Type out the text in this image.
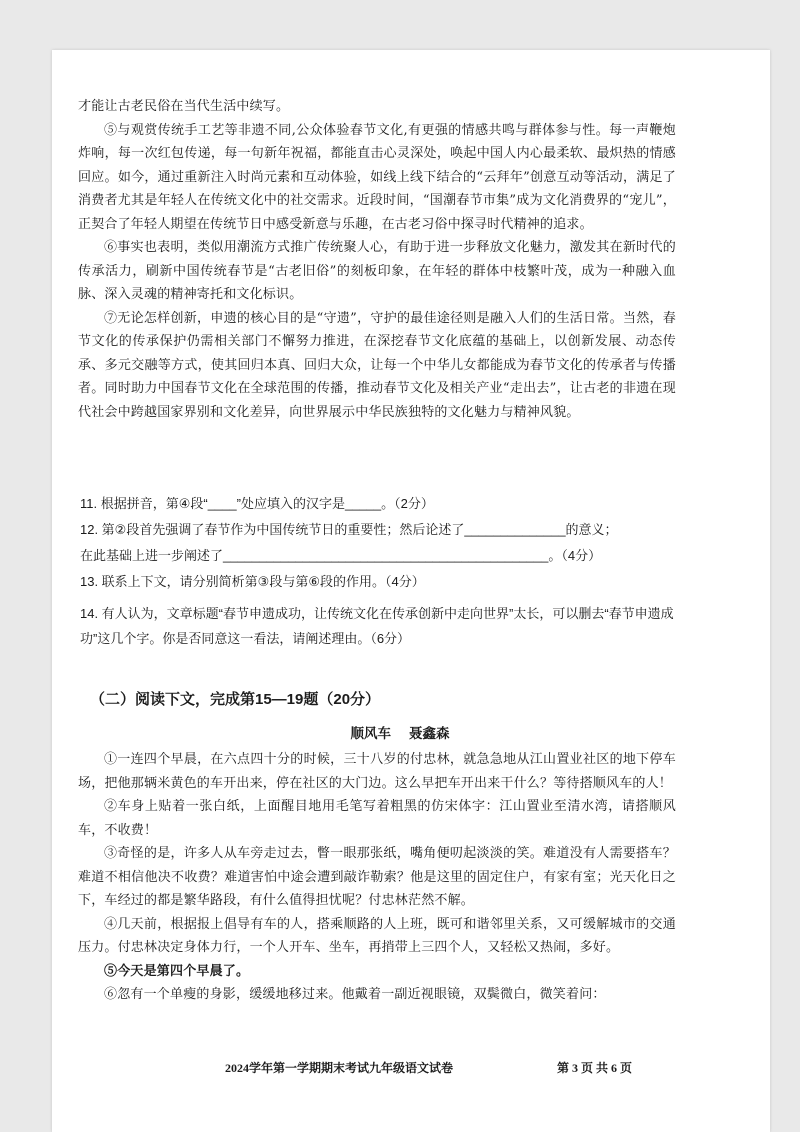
才能让古老民俗在当代生活中续写。

⑤与观赏传统手工艺等非遗不同,公众体验春节文化,有更强的情感共鸣与群体参与性。每一声鞭炮炸响，每一次红包传递，每一句新年祝福，都能直击心灵深处，唤起中国人内心最柔软、最炽热的情感回应。如今，通过重新注入时尚元素和互动体验，如线上线下结合的“云拜年”创意互动等活动，满足了消费者尤其是年轻人在传统文化中的社交需求。近段时间，“国潮春节市集”成为文化消费界的“宠儿”，正契合了年轻人期望在传统节日中感受新意与乐趣，在古老习俗中探寻时代精神的追求。

⑥事实也表明，类似用潮流方式推广传统聚人心，有助于进一步释放文化魅力，激发其在新时代的传承活力，刷新中国传统春节是“古老旧俗”的刻板印象，在年轻的群体中枝繁叶茂，成为一种融入血脉、深入灵魂的精神寄托和文化标识。

⑦无论怎样创新，申遗的核心目的是“守遗”，守护的最佳途径则是融入人们的生活日常。当然，春节文化的传承保护仍需相关部门不懈努力推进，在深挖春节文化底蕴的基础上，以创新发展、动态传承、多元交融等方式，使其回归本真、回归大众，让每一个中华儿女都能成为春节文化的传承者与传播者。同时助力中国春节文化在全球范围的传播，推动春节文化及相关产业“走出去”，让古老的非遗在现代社会中跨越国家界别和文化差异，向世界展示中华民族独特的文化魅力与精神风貌。

11. 根据拼音，第④段“____”处应填入的汉字是_____。（2分）

12. 第②段首先强调了春节作为中国传统节日的重要性；然后论述了______________的意义；

在此基础上进一步阐述了_____________________________________________。（4分）

13. 联系上下文，请分别简析第③段与第⑥段的作用。（4分）

14. 有人认为，文章标题“春节申遗成功，让传统文化在传承创新中走向世界”太长，可以删去“春节申遗成功”这几个字。你是否同意这一看法，请阐述理由。（6分）

（二）阅读下文，完成第15—19题（20分）
顺风车 聂鑫森

①一连四个早晨，在六点四十分的时候，三十八岁的付忠林，就急急地从江山置业社区的地下停车场，把他那辆米黄色的车开出来，停在社区的大门边。这么早把车开出来干什么？等待搭顺风车的人！

②车身上贴着一张白纸，上面醒目地用毛笔写着粗黑的仿宋体字：江山置业至清水湾，请搭顺风车，不收费！

③奇怪的是，许多人从车旁走过去，瞥一眼那张纸，嘴角便叨起淡淡的笑。难道没有人需要搭车？难道不相信他决不收费？难道害怕中途会遭到敲诈勒索？他是这里的固定住户，有家有室；光天化日之下，车经过的都是繁华路段，有什么值得担忧呢？付忠林茫然不解。

④几天前，根据报上倡导有车的人，搭乘顺路的人上班，既可和谐邻里关系，又可缓解城市的交通压力。付忠林决定身体力行，一个人开车、坐车，再捎带上三四个人，又轻松又热闹，多好。

⑤今天是第四个早晨了。

⑥忽有一个单瘦的身影，缓缓地移过来。他戴着一副近视眼镜，双鬓微白，微笑着问：

2024学年第一学期期末考试九年级语文试卷	第 3 页 共 6 页
